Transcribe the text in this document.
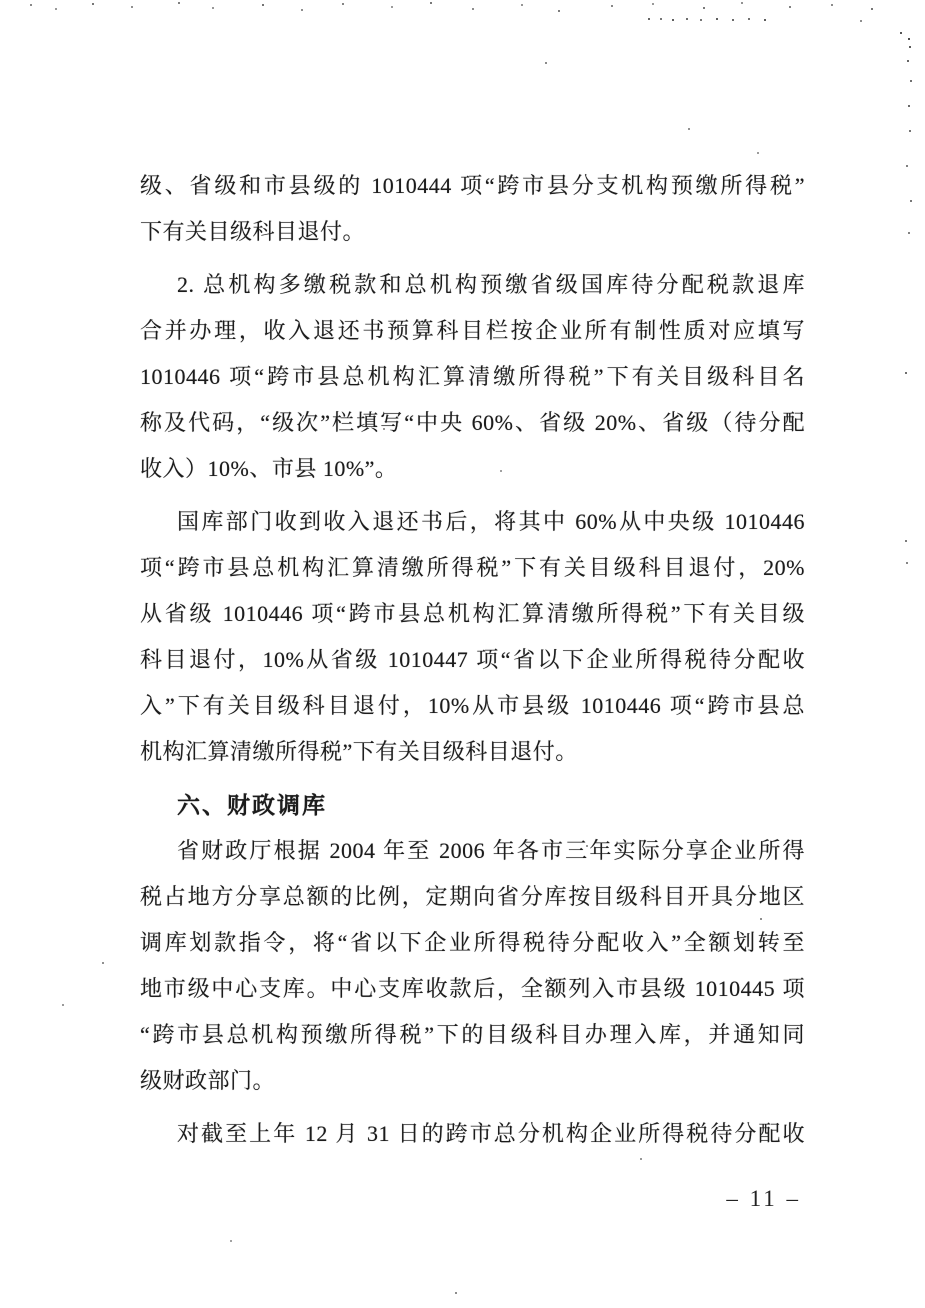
级、省级和市县级的 1010444 项“跨市县分支机构预缴所得税”
下有关目级科目退付。
2. 总机构多缴税款和总机构预缴省级国库待分配税款退库
合并办理，收入退还书预算科目栏按企业所有制性质对应填写
1010446 项“跨市县总机构汇算清缴所得税”下有关目级科目名
称及代码，“级次”栏填写“中央 60%、省级 20%、省级（待分配
收入）10%、市县 10%”。
国库部门收到收入退还书后，将其中 60%从中央级 1010446
项“跨市县总机构汇算清缴所得税”下有关目级科目退付，20%
从省级 1010446 项“跨市县总机构汇算清缴所得税”下有关目级
科目退付，10%从省级 1010447 项“省以下企业所得税待分配收
入”下有关目级科目退付，10%从市县级 1010446 项“跨市县总
机构汇算清缴所得税”下有关目级科目退付。
六、财政调库
省财政厅根据 2004 年至 2006 年各市三年实际分享企业所得
税占地方分享总额的比例，定期向省分库按目级科目开具分地区
调库划款指令，将“省以下企业所得税待分配收入”全额划转至
地市级中心支库。中心支库收款后，全额列入市县级 1010445 项
“跨市县总机构预缴所得税”下的目级科目办理入库，并通知同
级财政部门。
对截至上年 12 月 31 日的跨市总分机构企业所得税待分配收
– 11 –
